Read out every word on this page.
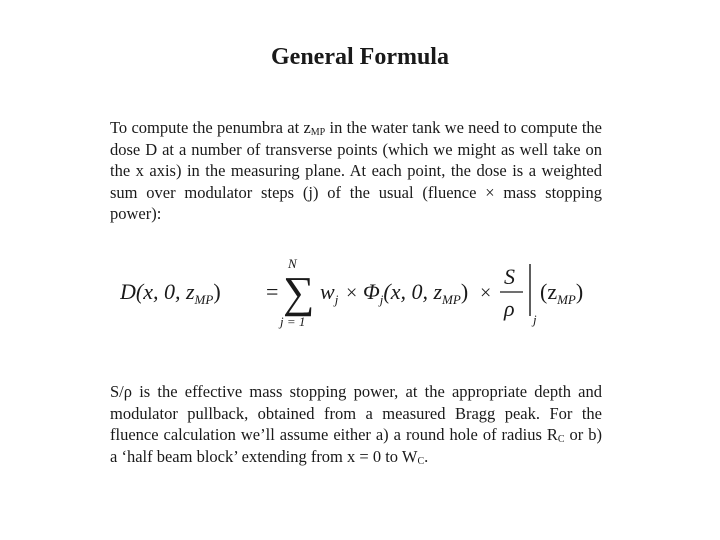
General Formula
To compute the penumbra at $z_{MP}$ in the water tank we need to compute the dose D at a number of transverse points (which we might as well take on the x axis) in the measuring plane. At each point, the dose is a weighted sum over modulator steps (j) of the usual (fluence × mass stopping power):
D(x, 0, $z_{MP}$) = ∑
N
j = 1
$w_j \times \Phi_j(x$, 0, $z_{MP}$) ×
S
ρ j
$(z_{MP})$
S/ρ is the effective mass stopping power, at the appropriate depth and modulator pullback, obtained from a measured Bragg peak. For the fluence calculation we’ll assume either a) a round hole of radius $R_C$ or b) a ‘half beam block’ extending from x = 0 to $W_C$.
